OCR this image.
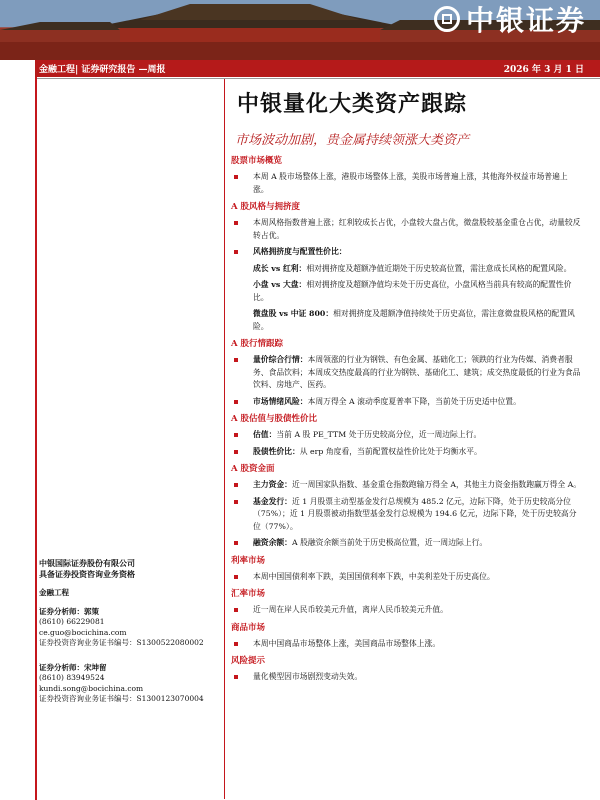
中银证券
金融工程| 证券研究报告 —周报	2026 年 3 月 1 日
中银国际证券股份有限公司
具备证券投资咨询业务资格
金融工程
证券分析师：郭策
(8610) 66229081
ce.guo@bocichina.com
证券投资咨询业务证书编号：S1300522080002
证券分析师：宋坤留
(8610) 83949524
kundi.song@bocichina.com
证券投资咨询业务证书编号：S1300123070004
中银量化大类资产跟踪
市场波动加剧，贵金属持续领涨大类资产
股票市场概览
本周 A 股市场整体上涨，港股市场整体上涨，美股市场普遍上涨，其他海外权益市场普遍上涨。
A 股风格与拥挤度
本周风格指数普遍上涨；红利较成长占优，小盘较大盘占优，微盘股较基金重仓占优，动量较反转占优。
风格拥挤度与配置性价比：
成长 vs 红利：相对拥挤度及超额净值近期处于历史较高位置，需注意成长风格的配置风险。
小盘 vs 大盘：相对拥挤度及超额净值均未处于历史高位，小盘风格当前具有较高的配置性价比。
微盘股 vs 中证 800：相对拥挤度及超额净值持续处于历史高位，需注意微盘股风格的配置风险。
A 股行情跟踪
量价综合行情：本周领涨的行业为钢铁、有色金属、基础化工；领跌的行业为传媒、消费者服务、食品饮料；本周成交热度最高的行业为钢铁、基础化工、建筑；成交热度最低的行业为食品饮料、房地产、医药。
市场情绪风险：本周万得全 A 滚动季度夏普率下降，当前处于历史适中位置。
A 股估值与股债性价比
估值：当前 A 股 PE_TTM 处于历史较高分位，近一周边际上行。
股债性价比：从 erp 角度看，当前配置权益性价比处于均衡水平。
A 股资金面
主力资金：近一周国家队指数、基金重仓指数跑输万得全 A，其他主力资金指数跑赢万得全 A。
基金发行：近 1 月股票主动型基金发行总规模为 485.2 亿元，边际下降，处于历史较高分位（75%）；近 1 月股票被动指数型基金发行总规模为 194.6 亿元，边际下降，处于历史较高分位（77%）。
融资余额：A 股融资余额当前处于历史极高位置，近一周边际上行。
利率市场
本周中国国债利率下跌，美国国债利率下跌，中美利差处于历史高位。
汇率市场
近一周在岸人民币较美元升值，离岸人民币较美元升值。
商品市场
本周中国商品市场整体上涨，美国商品市场整体上涨。
风险提示
量化模型因市场剧烈变动失效。
